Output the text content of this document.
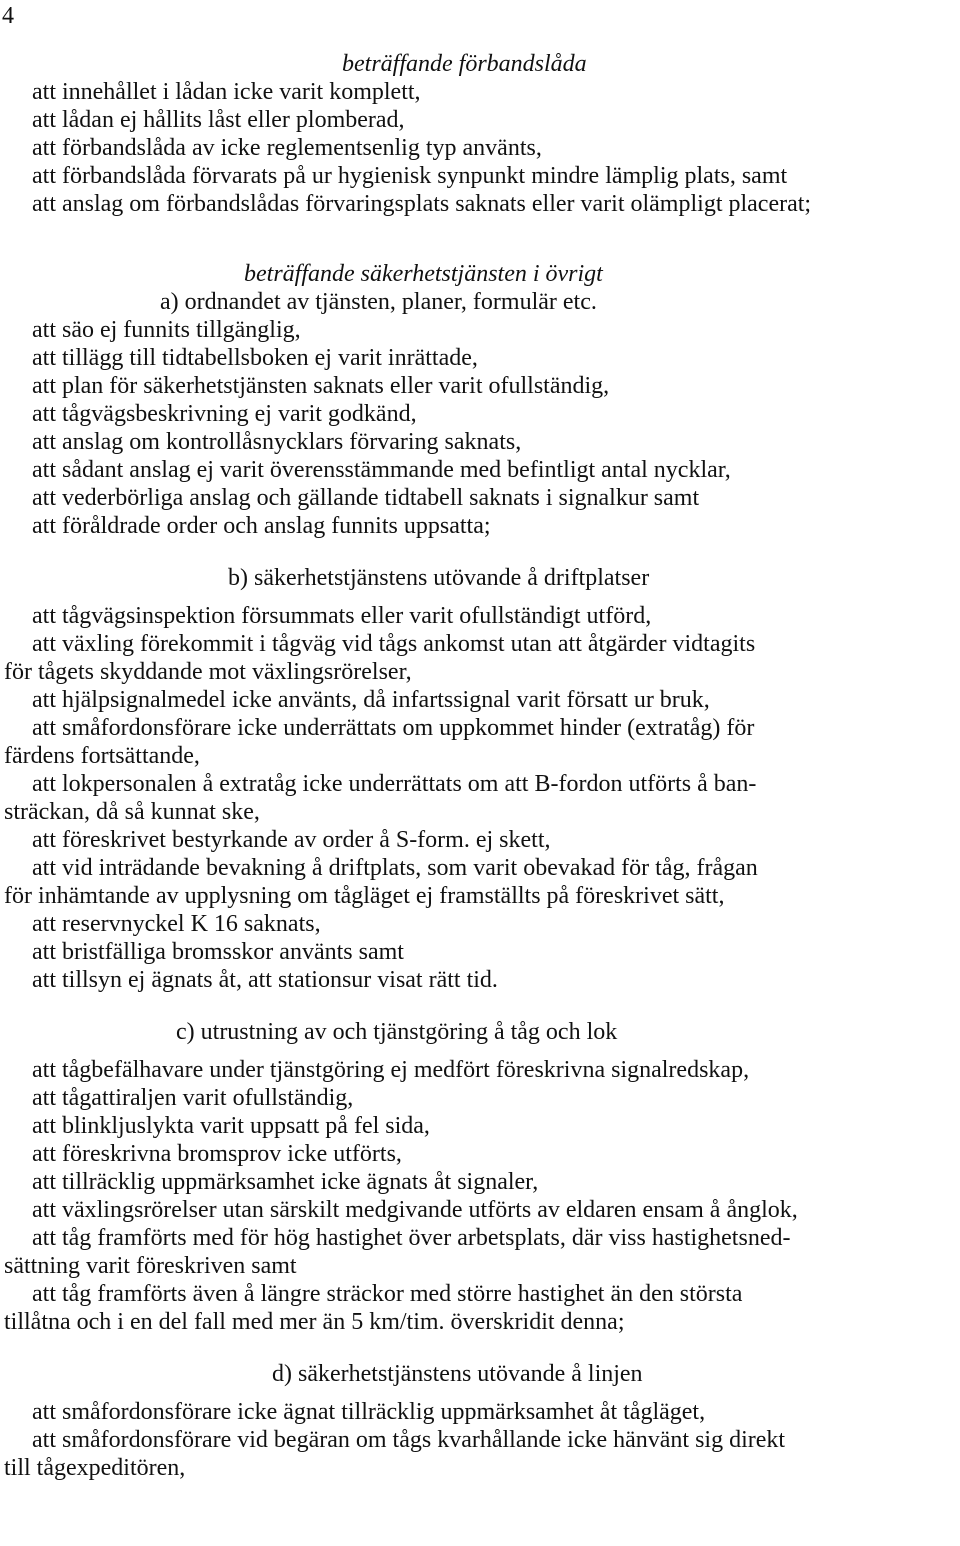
4
beträffande förbandslåda
att innehållet i lådan icke varit komplett,
att lådan ej hållits låst eller plomberad,
att förbandslåda av icke reglementsenlig typ använts,
att förbandslåda förvarats på ur hygienisk synpunkt mindre lämplig plats, samt
att anslag om förbandslådas förvaringsplats saknats eller varit olämpligt placerat;
beträffande säkerhetstjänsten i övrigt
a) ordnandet av tjänsten, planer, formulär etc.
att säo ej funnits tillgänglig,
att tillägg till tidtabellsboken ej varit inrättade,
att plan för säkerhetstjänsten saknats eller varit ofullständig,
att tågvägsbeskrivning ej varit godkänd,
att anslag om kontrollåsnycklars förvaring saknats,
att sådant anslag ej varit överensstämmande med befintligt antal nycklar,
att vederbörliga anslag och gällande tidtabell saknats i signalkur samt
att föråldrade order och anslag funnits uppsatta;
b) säkerhetstjänstens utövande å driftplatser
att tågvägsinspektion försummats eller varit ofullständigt utförd,
att växling förekommit i tågväg vid tågs ankomst utan att åtgärder vidtagits
för tågets skyddande mot växlingsrörelser,
att hjälpsignalmedel icke använts, då infartssignal varit försatt ur bruk,
att småfordonsförare icke underrättats om uppkommet hinder (extratåg) för
färdens fortsättande,
att lokpersonalen å extratåg icke underrättats om att B-fordon utförts å ban-
sträckan, då så kunnat ske,
att föreskrivet bestyrkande av order å S-form. ej skett,
att vid inträdande bevakning å driftplats, som varit obevakad för tåg, frågan
för inhämtande av upplysning om tågläget ej framställts på föreskrivet sätt,
att reservnyckel K 16 saknats,
att bristfälliga bromsskor använts samt
att tillsyn ej ägnats åt, att stationsur visat rätt tid.
c) utrustning av och tjänstgöring å tåg och lok
att tågbefälhavare under tjänstgöring ej medfört föreskrivna signalredskap,
att tågattiraljen varit ofullständig,
att blinkljuslykta varit uppsatt på fel sida,
att föreskrivna bromsprov icke utförts,
att tillräcklig uppmärksamhet icke ägnats åt signaler,
att växlingsrörelser utan särskilt medgivande utförts av eldaren ensam å ånglok,
att tåg framförts med för hög hastighet över arbetsplats, där viss hastighetsned-
sättning varit föreskriven samt
att tåg framförts även å längre sträckor med större hastighet än den största
tillåtna och i en del fall med mer än 5 km/tim. överskridit denna;
d) säkerhetstjänstens utövande å linjen
att småfordonsförare icke ägnat tillräcklig uppmärksamhet åt tågläget,
att småfordonsförare vid begäran om tågs kvarhållande icke hänvänt sig direkt
till tågexpeditören,
